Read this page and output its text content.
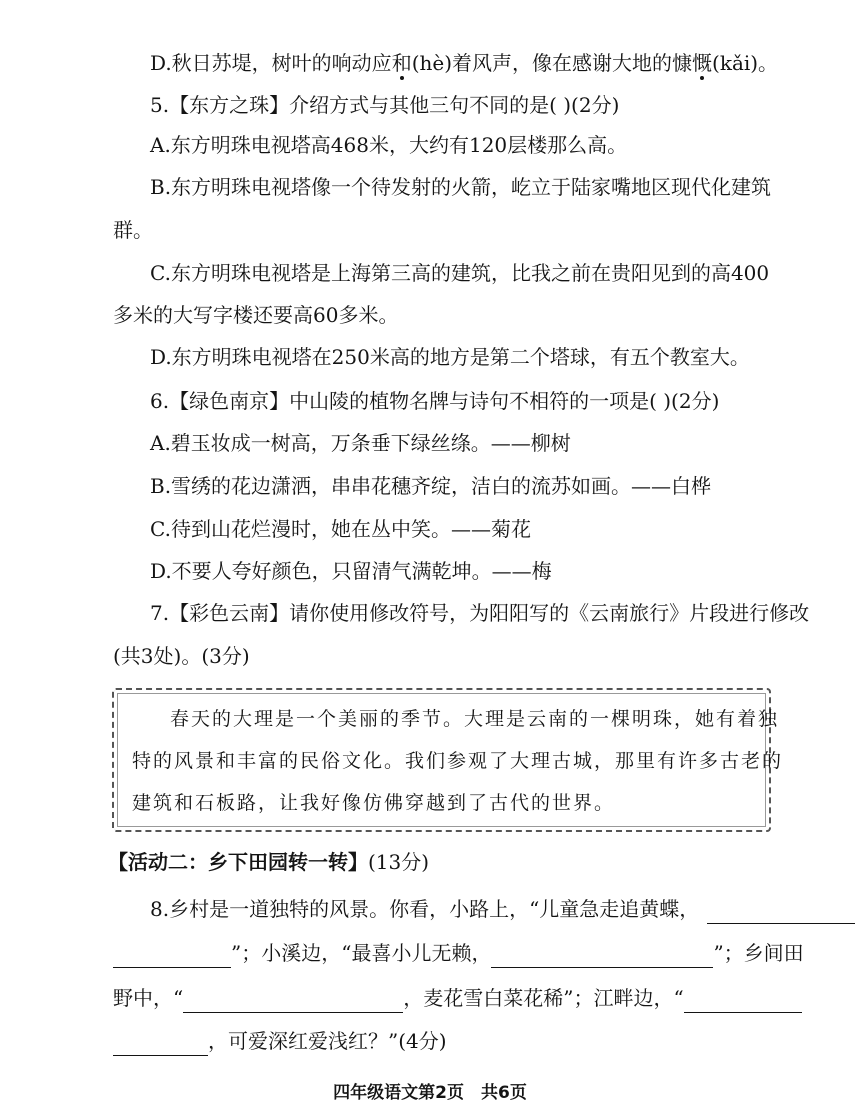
D.秋日苏堤，树叶的响动应和(hè)着风声，像在感谢大地的慷慨(kǎi)。
5.【东方之珠】介绍方式与其他三句不同的是( )(2分)
A.东方明珠电视塔高468米，大约有120层楼那么高。
B.东方明珠电视塔像一个待发射的火箭，屹立于陆家嘴地区现代化建筑
群。
C.东方明珠电视塔是上海第三高的建筑，比我之前在贵阳见到的高400
多米的大写字楼还要高60多米。
D.东方明珠电视塔在250米高的地方是第二个塔球，有五个教室大。
6.【绿色南京】中山陵的植物名牌与诗句不相符的一项是( )(2分)
A.碧玉妆成一树高，万条垂下绿丝绦。——柳树
B.雪绣的花边潇洒，串串花穗齐绽，洁白的流苏如画。——白桦
C.待到山花烂漫时，她在丛中笑。——菊花
D.不要人夸好颜色，只留清气满乾坤。——梅
7.【彩色云南】请你使用修改符号，为阳阳写的《云南旅行》片段进行修改
(共3处)。(3分)
春天的大理是一个美丽的季节。大理是云南的一棵明珠，她有着独
特的风景和丰富的民俗文化。我们参观了大理古城，那里有许多古老的
建筑和石板路，让我好像仿佛穿越到了古代的世界。
【活动二：乡下田园转一转】(13分)
8.乡村是一道独特的风景。你看，小路上，“儿童急走追黄蝶，
”；小溪边，“最喜小儿无赖，	”；乡间田
野中，“	，麦花雪白菜花稀”；江畔边，“
，可爱深红爱浅红？”(4分)
四年级语文第2页　共6页
